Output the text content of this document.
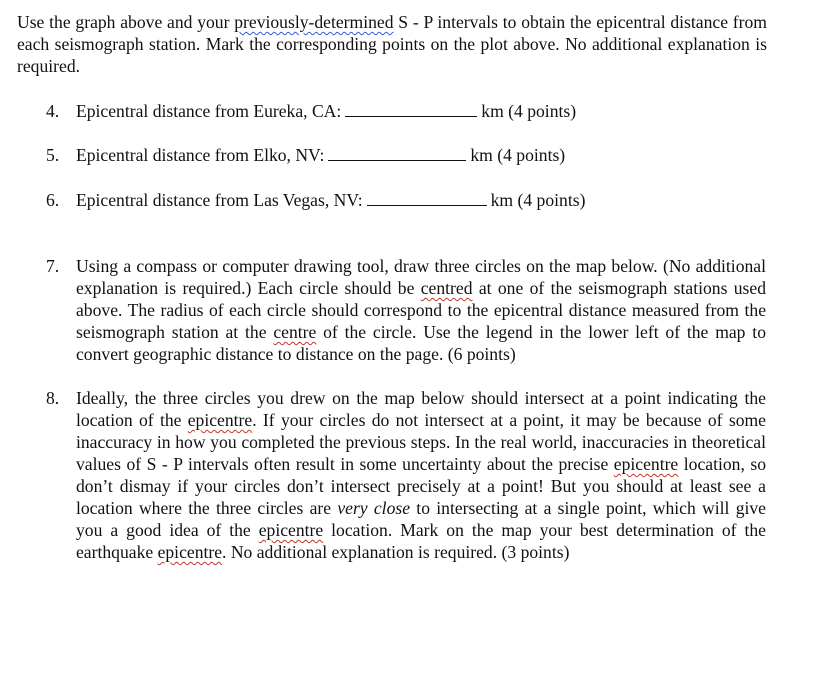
Use the graph above and your previously-determined S - P intervals to obtain the epicentral distance from each seismograph station. Mark the corresponding points on the plot above. No additional explanation is required.
4. Epicentral distance from Eureka, CA:	km (4 points)
5. Epicentral distance from Elko, NV:	km (4 points)
6. Epicentral distance from Las Vegas, NV:	km (4 points)
7. Using a compass or computer drawing tool, draw three circles on the map below. (No additional explanation is required.) Each circle should be centred at one of the seismograph stations used above. The radius of each circle should correspond to the epicentral distance measured from the seismograph station at the centre of the circle. Use the legend in the lower left of the map to convert geographic distance to distance on the page. (6 points)
8. Ideally, the three circles you drew on the map below should intersect at a point indicating the location of the epicentre. If your circles do not intersect at a point, it may be because of some inaccuracy in how you completed the previous steps. In the real world, inaccuracies in theoretical values of S - P intervals often result in some uncertainty about the precise epicentre location, so don’t dismay if your circles don’t intersect precisely at a point! But you should at least see a location where the three circles are very close to intersecting at a single point, which will give you a good idea of the epicentre location. Mark on the map your best determination of the earthquake epicentre. No additional explanation is required. (3 points)
